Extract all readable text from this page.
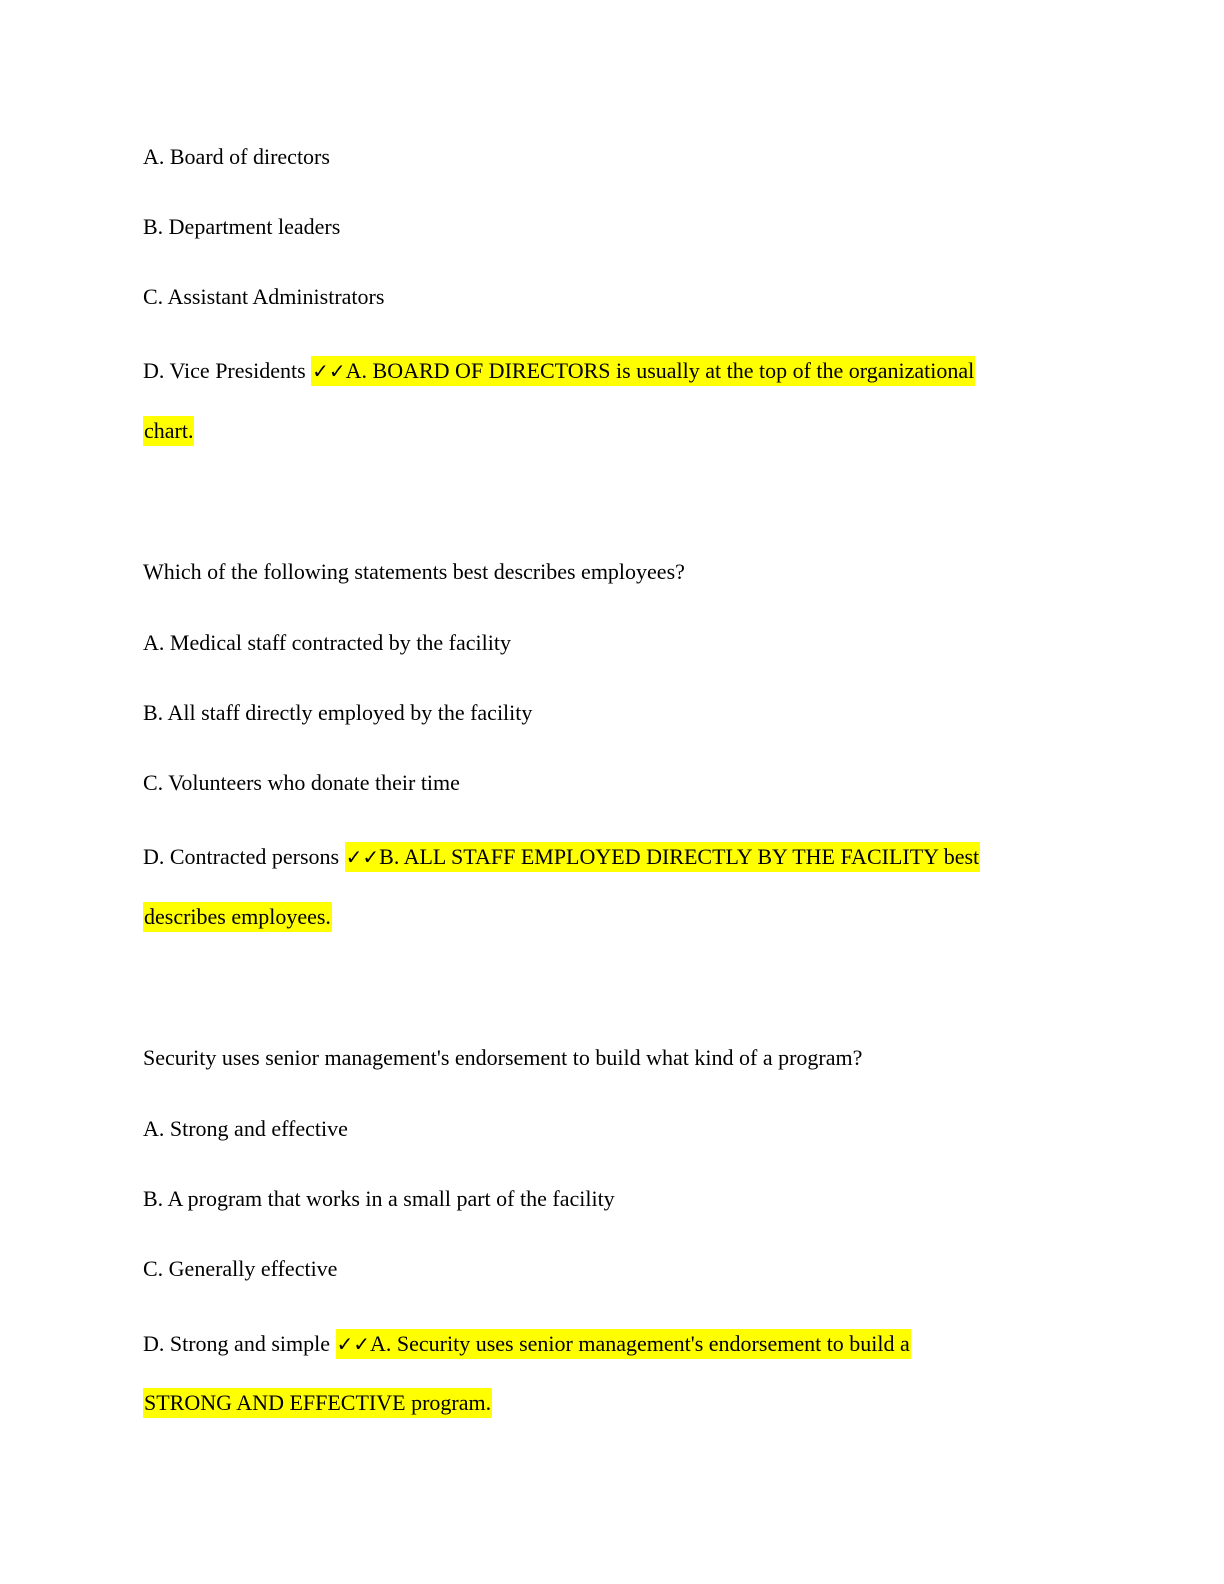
A. Board of directors
B. Department leaders
C. Assistant Administrators
D. Vice Presidents ✓✓A. BOARD OF DIRECTORS is usually at the top of the organizational
chart.
Which of the following statements best describes employees?
A. Medical staff contracted by the facility
B. All staff directly employed by the facility
C. Volunteers who donate their time
D. Contracted persons ✓✓B. ALL STAFF EMPLOYED DIRECTLY BY THE FACILITY best
describes employees.
Security uses senior management's endorsement to build what kind of a program?
A. Strong and effective
B. A program that works in a small part of the facility
C. Generally effective
D. Strong and simple ✓✓A. Security uses senior management's endorsement to build a
STRONG AND EFFECTIVE program.
